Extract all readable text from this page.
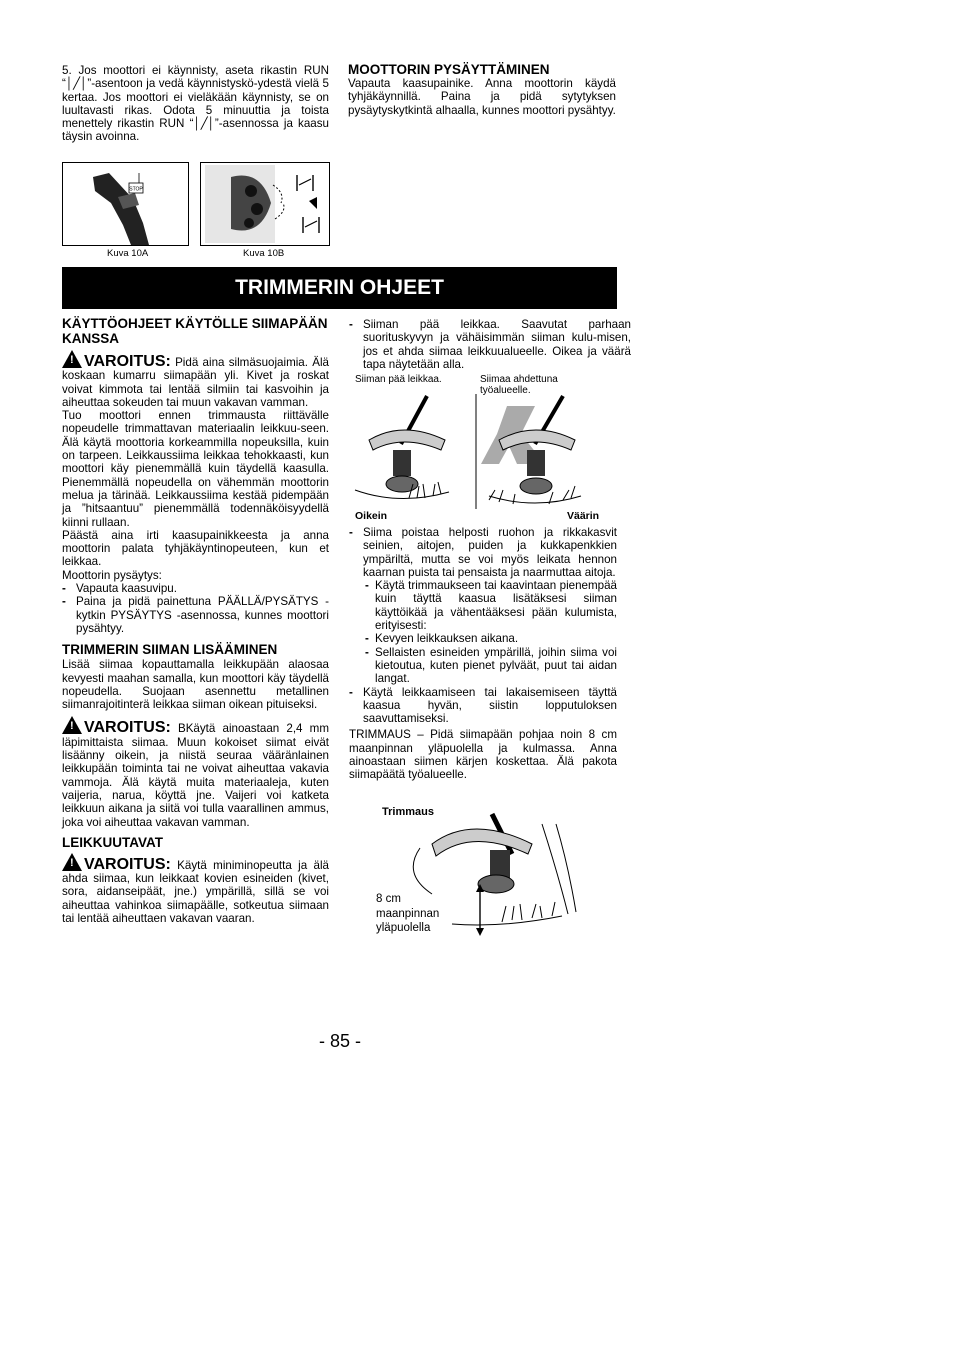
5. Jos moottori ei käynnisty, aseta rikastin RUN “│╱│”-asentoon ja vedä käynnistyskö-ydestä vielä 5 kertaa. Jos moottori ei vieläkään käynnisty, se on luultavasti rikas. Odota 5 minuuttia ja toista menettely rikastin RUN “│╱│”-asennossa ja kaasu täysin avoinna.
STOP
Kuva 10A	Kuva 10B
MOOTTORIN PYSÄYTTÄMINEN
Vapauta kaasupainike. Anna moottorin käydä tyhjäkäynnillä. Paina ja pidä sytytyksen pysäytyskytkintä alhaalla, kunnes moottori pysähtyy.
TRIMMERIN OHJEET
KÄYTTÖOHJEET KÄYTÖLLE SIIMAPÄÄN KANSSA
!VAROITUS: Pidä aina silmäsuojaimia. Älä koskaan kumarru siimapään yli. Kivet ja roskat voivat kimmota tai lentää silmiin tai kasvoihin ja aiheuttaa sokeuden tai muun vakavan vamman.
Tuo moottori ennen trimmausta riittävälle nopeudelle trimmattavan materiaalin leikkuu-seen. Älä käytä moottoria korkeammilla nopeuksilla, kuin on tarpeen. Leikkaussiima leikkaa tehokkaasti, kun moottori käy pienemmällä kuin täydellä kaasulla. Pienemmällä nopeudella on vähemmän moottorin melua ja tärinää. Leikkaussiima kestää pidempään ja ”hitsaantuu” pienemmällä todennäköisyydellä kiinni rullaan.
Päästä aina irti kaasupainikkeesta ja anna moottorin palata tyhjäkäyntinopeuteen, kun et leikkaa.
Moottorin pysäytys:
- Vapauta kaasuvipu.
- Paina ja pidä painettuna PÄÄLLÄ/PYSÄTYS -kytkin PYSÄYTYS -asennossa, kunnes moottori pysähtyy.
TRIMMERIN SIIMAN LISÄÄMINEN
Lisää siimaa kopauttamalla leikkupään alaosaa kevyesti maahan samalla, kun moottori käy täydellä nopeudella. Suojaan asennettu metallinen siimanrajoitinterä leikkaa siiman oikean pituiseksi.
!VAROITUS: BKäytä ainoastaan 2,4 mm läpimittaista siimaa. Muun kokoiset siimat eivät lisäänny oikein, ja niistä seuraa vääränlainen leikkupään toiminta tai ne voivat aiheuttaa vakavia vammoja. Älä käytä muita materiaaleja, kuten vaijeria, narua, köyttä jne. Vaijeri voi katketa leikkuun aikana ja siitä voi tulla vaarallinen ammus, joka voi aiheuttaa vakavan vamman.
LEIKKUUTAVAT
!VAROITUS: Käytä miniminopeutta ja älä ahda siimaa, kun leikkaat kovien esineiden (kivet, sora, aidanseipäät, jne.) ympärillä, sillä se voi aiheuttaa vahinkoa siimapäälle, sotkeutua siimaan tai lentää aiheuttaen vakavan vaaran.
- Siiman pää leikkaa. Saavutat parhaan suorituskyvyn ja vähäisimmän siiman kulu-misen, jos et ahda siimaa leikkuualueelle. Oikea ja väärä tapa näytetään alla.
Siiman pää leikkaa.	Siimaa ahdettuna työalueelle.
Oikein	Väärin
- Siima poistaa helposti ruohon ja rikkakasvit seinien, aitojen, puiden ja kukkapenkkien ympäriltä, mutta se voi myös leikata hennon kaarnan puista tai pensaista ja naarmuttaa aitoja.
- Käytä trimmaukseen tai kaavintaan pienempää kuin täyttä kaasua lisätäksesi siiman käyttöikää ja vähentääksesi pään kulumista, erityisesti:
- Kevyen leikkauksen aikana.
- Sellaisten esineiden ympärillä, joihin siima voi kietoutua, kuten pienet pylväät, puut tai aidan langat.
- Käytä leikkaamiseen tai lakaisemiseen täyttä kaasua hyvän, siistin lopputuloksen saavuttamiseksi.
TRIMMAUS – Pidä siimapään pohjaa noin 8 cm maanpinnan yläpuolella ja kulmassa. Anna ainoastaan siimen kärjen koskettaa. Älä pakota siimapäätä työalueelle.
Trimmaus
8 cm maanpinnan yläpuolella
- 85 -
